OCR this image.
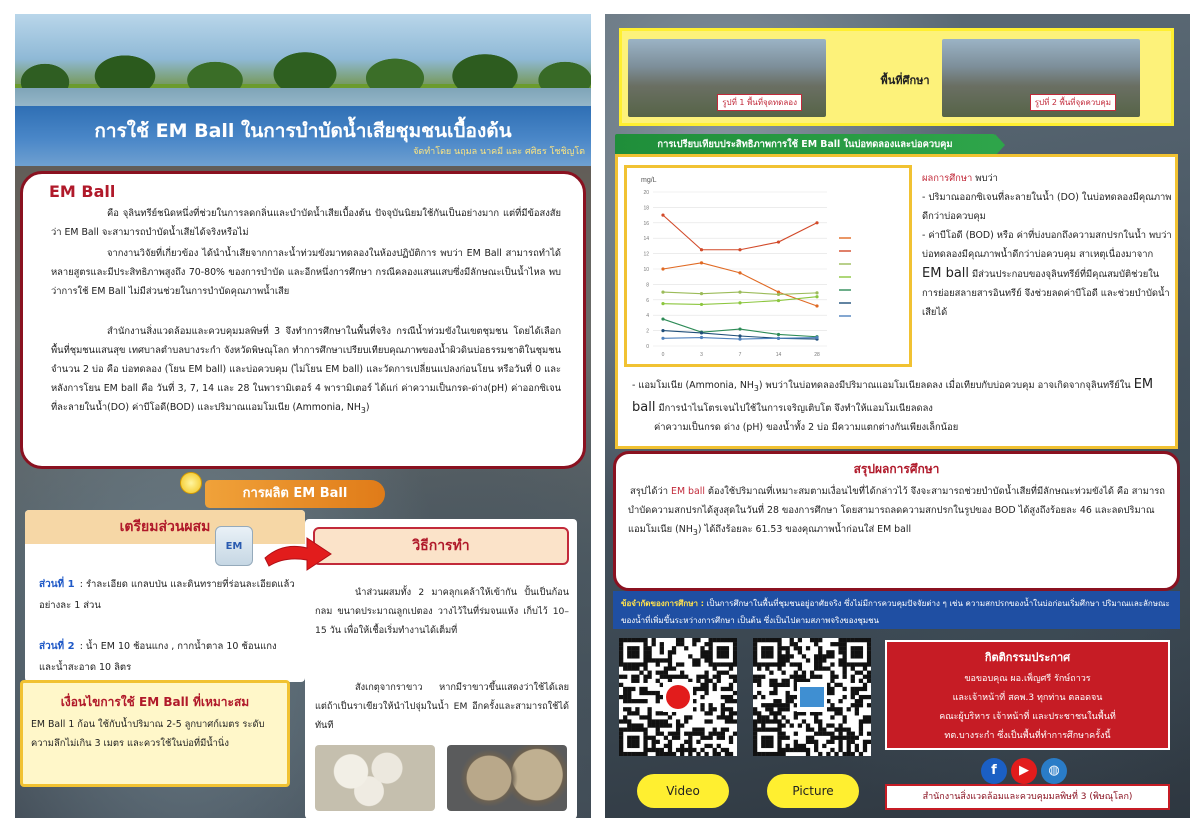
การใช้ EM Ball ในการบำบัดน้ำเสียชุมชนเบื้องต้น
จัดทำโดย นฤมล นาคมี และ ศศิธร โชชิญโต
EM Ball
คือ จุลินทรีย์ชนิดหนึ่งที่ช่วยในการลดกลิ่นและบำบัดน้ำเสียเบื้องต้น ปัจจุบันนิยมใช้กันเป็นอย่างมาก แต่ที่มีข้อสงสัยว่า EM Ball จะสามารถบำบัดน้ำเสียได้จริงหรือไม่
จากงานวิจัยที่เกี่ยวข้อง ได้นำน้ำเสียจากกาละน้ำท่วมขังมาทดลองในห้องปฏิบัติการ พบว่า EM Ball สามารถทำได้หลายสูตรและมีประสิทธิภาพสูงถึง 70-80% ของการบำบัด และอีกหนึ่งการศึกษา กรณีคลองแสนแสบซึ่งมีลักษณะเป็นน้ำไหล พบว่าการใช้ EM Ball ไม่มีส่วนช่วยในการบำบัดคุณภาพน้ำเสีย
สำนักงานสิ่งแวดล้อมและควบคุมมลพิษที่ 3 จึงทำการศึกษาในพื้นที่จริง กรณีน้ำท่วมขังในเขตชุมชน โดยได้เลือกพื้นที่ชุมชนแสนสุข เทศบาลตำบลบางระกำ จังหวัดพิษณุโลก ทำการศึกษาเปรียบเทียบคุณภาพของน้ำผิวดินบ่อธรรมชาติในชุมชน จำนวน 2 บ่อ คือ บ่อทดลอง (โยน EM ball) และบ่อควบคุม (ไม่โยน EM ball) และวัดการเปลี่ยนแปลงก่อนโยน หรือวันที่ 0 และหลังการโยน EM ball คือ วันที่ 3, 7, 14 และ 28 ในพารามิเตอร์ 4 พารามิเตอร์ ได้แก่ ค่าความเป็นกรด-ด่าง(pH) ค่าออกซิเจนที่ละลายในน้ำ(DO) ค่าบีโอดี(BOD) และปริมาณแอมโมเนีย (Ammonia, $NH_3$)
การผลิต EM Ball
เตรียมส่วนผสม
EM
ส่วนที่ 1 : รำละเอียด แกลบป่น และดินทรายที่ร่อนละเอียดแล้ว อย่างละ 1 ส่วน
ส่วนที่ 2 : น้ำ EM 10 ช้อนแกง , กากน้ำตาล 10 ช้อนแกง และน้ำสะอาด 10 ลิตร
วิธีการทำ
นำส่วนผสมทั้ง 2 มาคลุกเคล้าให้เข้ากัน ปั้นเป็นก้อนกลม ขนาดประมาณลูกเปตอง วางไว้ในที่ร่มจนแห้ง เก็บไว้ 10–15 วัน เพื่อให้เชื้อเริ่มทำงานได้เต็มที่
สังเกตุจากราขาว หากมีราขาวขึ้นแสดงว่าใช้ได้เลย แต่ถ้าเป็นราเขียวให้นำไปจุ่มในน้ำ EM อีกครั้งและสามารถใช้ได้ทันที
เงื่อนไขการใช้ EM Ball ที่เหมาะสม
EM Ball 1 ก้อน ใช้กับน้ำปริมาณ 2-5 ลูกบาศก์เมตร ระดับความลึกไม่เกิน 3 เมตร และควรใช้ในบ่อที่มีน้ำนิ่ง
รูปที่ 1 พื้นที่จุดทดลอง
พื้นที่ศึกษา
รูปที่ 2 พื้นที่จุดควบคุม
การเปรียบเทียบประสิทธิภาพการใช้ EM Ball ในบ่อทดลองและบ่อควบคุม
0
2
4
6
8
10
12
14
16
18
20
0	3	7	14	28
mg/L	ผลการศึกษา พบว่า
- ปริมาณออกซิเจนที่ละลายในน้ำ (DO) ในบ่อทดลองมีคุณภาพดีกว่าบ่อควบคุม
- ค่าบีโอดี (BOD) หรือ ค่าที่บ่งบอกถึงความสกปรกในน้ำ พบว่าบ่อทดลองมีคุณภาพน้ำดีกว่าบ่อควบคุม สาเหตุเนื่องมาจาก EM ball มีส่วนประกอบของจุลินทรีย์ที่มีคุณสมบัติช่วยในการย่อยสลายสารอินทรีย์ จึงช่วยลดค่าบีโอดี และช่วยบำบัดน้ำเสียได้
- แอมโมเนีย (Ammonia, $NH_3$) พบว่าในบ่อทดลองมีปริมาณแอมโมเนียลดลง เมื่อเทียบกับบ่อควบคุม อาจเกิดจากจุลินทรีย์ใน EM ball มีการนำไนโตรเจนไปใช้ในการเจริญเติบโต จึงทำให้แอมโมเนียลดลง
ค่าความเป็นกรด ด่าง (pH) ของน้ำทั้ง 2 บ่อ มีความแตกต่างกันเพียงเล็กน้อย
สรุปผลการศึกษา
สรุปได้ว่า EM ball ต้องใช้ปริมาณที่เหมาะสมตามเงื่อนไขที่ได้กล่าวไว้ จึงจะสามารถช่วยบำบัดน้ำเสียที่มีลักษณะท่วมขังได้ คือ สามารถบำบัดความสกปรกได้สูงสุดในวันที่ 28 ของการศึกษา โดยสามารถลดความสกปรกในรูปของ BOD ได้สูงถึงร้อยละ 46 และลดปริมาณแอมโมเนีย $(NH_3)$ ได้ถึงร้อยละ 61.53 ของคุณภาพน้ำก่อนใส่ EM ball
ข้อจำกัดของการศึกษา : เป็นการศึกษาในพื้นที่ชุมชนอยู่อาศัยจริง ซึ่งไม่มีการควบคุมปัจจัยต่าง ๆ เช่น ความสกปรกของน้ำในบ่อก่อนเริ่มศึกษา ปริมาณและลักษณะของน้ำที่เพิ่มขึ้นระหว่างการศึกษา เป็นต้น ซึ่งเป็นไปตามสภาพจริงของชุมชน
กิตติกรรมประกาศ
ขอขอบคุณ ผอ.เพ็ญศรี รักษ์ถาวร
และเจ้าหน้าที่ สคพ.3 ทุกท่าน ตลอดจน
คณะผู้บริหาร เจ้าหน้าที่ และประชาชนในพื้นที่
ทต.บางระกำ ซึ่งเป็นพื้นที่ทำการศึกษาครั้งนี้
Video	Picture
f	▶	◍
สำนักงานสิ่งแวดล้อมและควบคุมมลพิษที่ 3 (พิษณุโลก)
